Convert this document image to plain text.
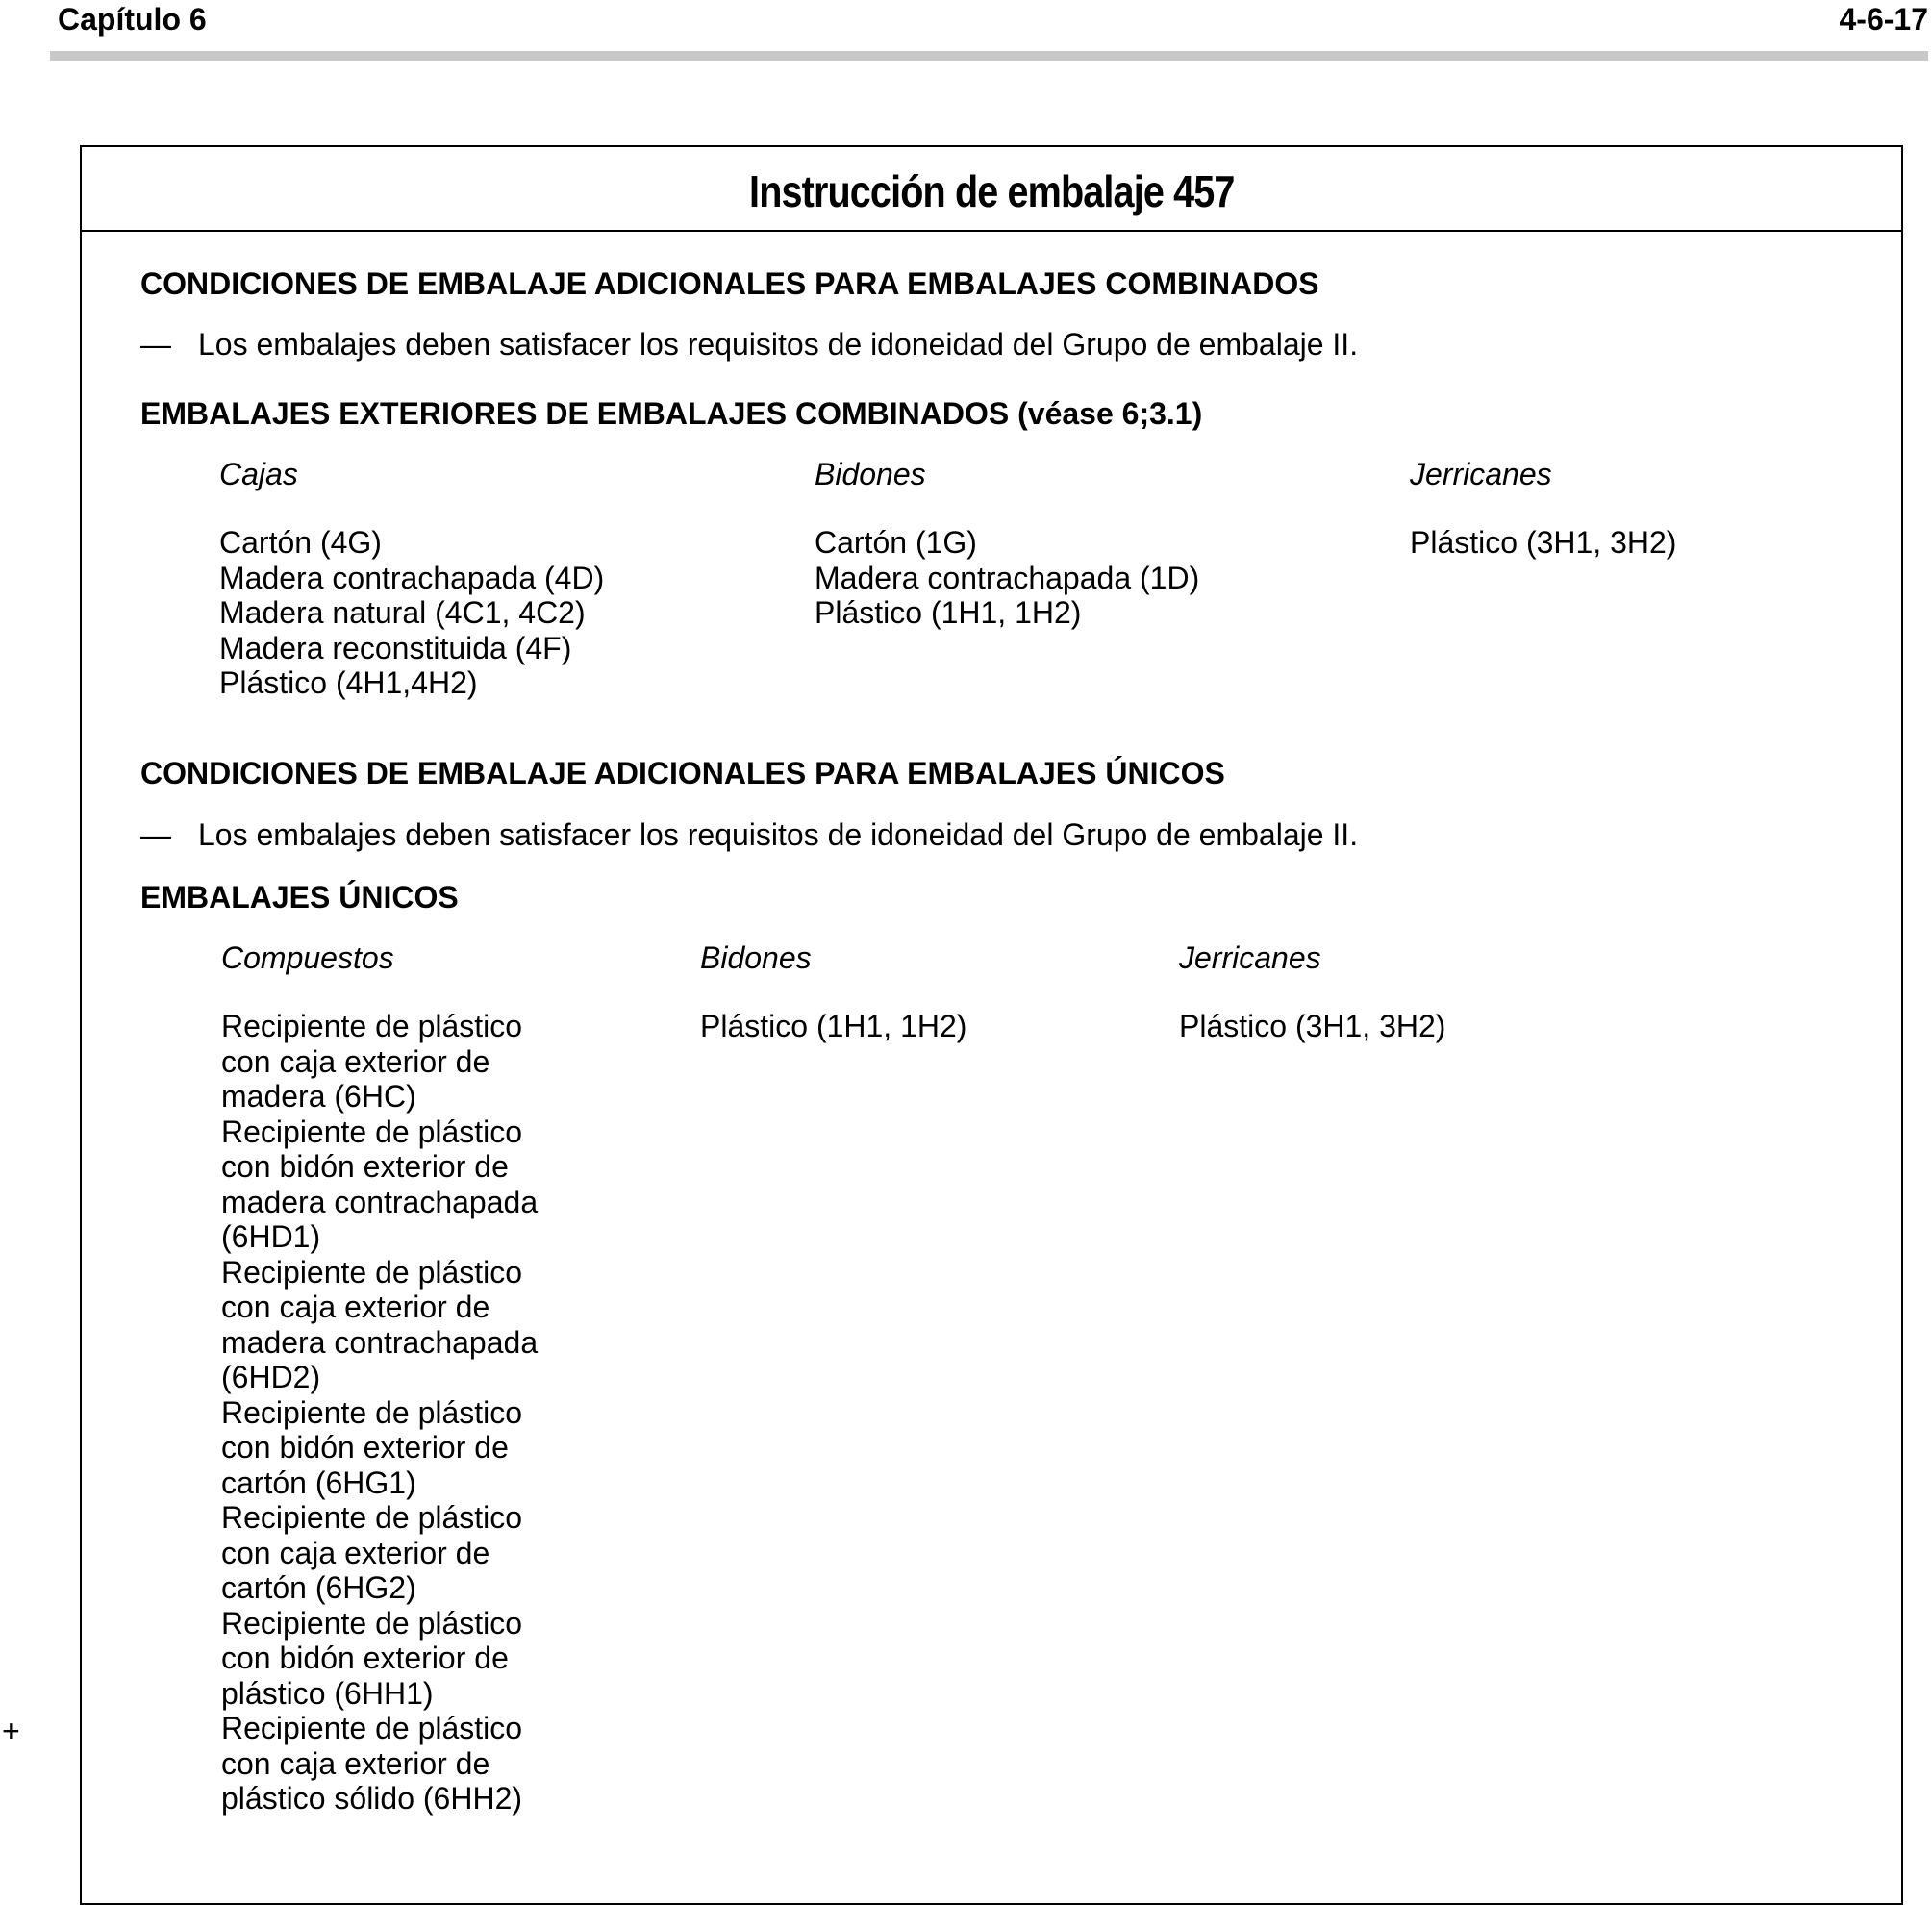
Capítulo 6	4-6-17
Instrucción de embalaje 457
CONDICIONES DE EMBALAJE ADICIONALES PARA EMBALAJES COMBINADOS
— Los embalajes deben satisfacer los requisitos de idoneidad del Grupo de embalaje II.
EMBALAJES EXTERIORES DE EMBALAJES COMBINADOS (véase 6;3.1)
Cajas
Cartón (4G)
Madera contrachapada (4D)
Madera natural (4C1, 4C2)
Madera reconstituida (4F)
Plástico (4H1,4H2)
Bidones
Cartón (1G)
Madera contrachapada (1D)
Plástico (1H1, 1H2)
Jerricanes
Plástico (3H1, 3H2)
CONDICIONES DE EMBALAJE ADICIONALES PARA EMBALAJES ÚNICOS
— Los embalajes deben satisfacer los requisitos de idoneidad del Grupo de embalaje II.
EMBALAJES ÚNICOS
Compuestos
Recipiente de plástico con caja exterior de madera (6HC)
Recipiente de plástico con bidón exterior de madera contrachapada (6HD1)
Recipiente de plástico con caja exterior de madera contrachapada (6HD2)
Recipiente de plástico con bidón exterior de cartón (6HG1)
Recipiente de plástico con caja exterior de cartón (6HG2)
Recipiente de plástico con bidón exterior de plástico (6HH1)
Recipiente de plástico con caja exterior de plástico sólido (6HH2)
Bidones
Plástico (1H1, 1H2)
Jerricanes
Plástico (3H1, 3H2)
+
